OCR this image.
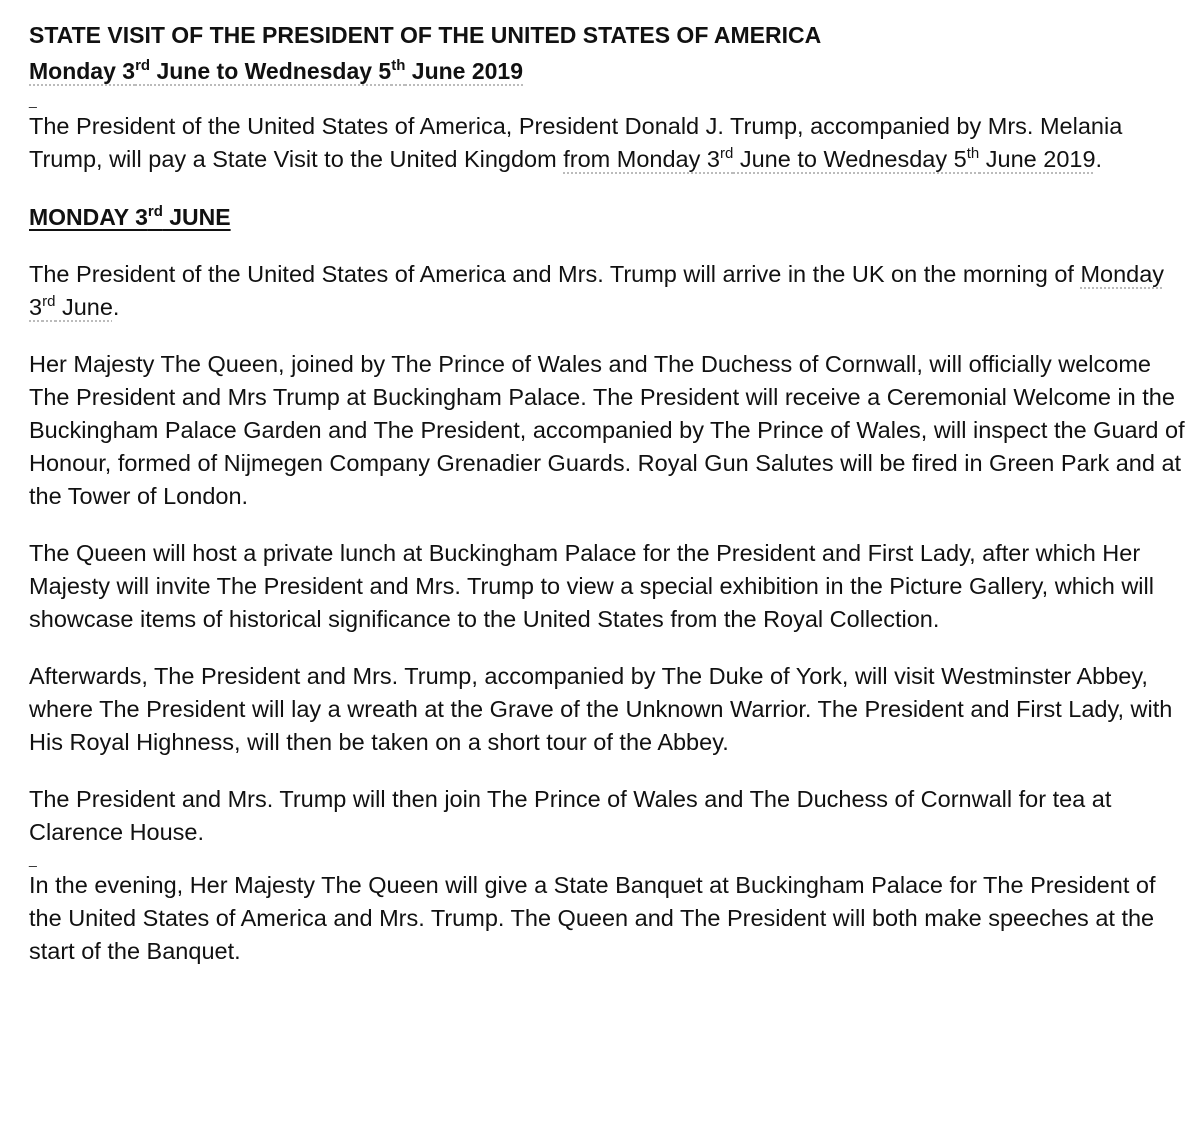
STATE VISIT OF THE PRESIDENT OF THE UNITED STATES OF AMERICA
Monday 3rd June to Wednesday 5th June 2019
_

The President of the United States of America, President Donald J. Trump, accompanied by Mrs. Melania Trump, will pay a State Visit to the United Kingdom from Monday 3rd June to Wednesday 5th June 2019.

MONDAY 3rd JUNE

The President of the United States of America and Mrs. Trump will arrive in the UK on the morning of Monday 3rd June.

Her Majesty The Queen, joined by The Prince of Wales and The Duchess of Cornwall, will officially welcome The President and Mrs Trump at Buckingham Palace. The President will receive a Ceremonial Welcome in the Buckingham Palace Garden and The President, accompanied by The Prince of Wales, will inspect the Guard of Honour, formed of Nijmegen Company Grenadier Guards. Royal Gun Salutes will be fired in Green Park and at the Tower of London.

The Queen will host a private lunch at Buckingham Palace for the President and First Lady, after which Her Majesty will invite The President and Mrs. Trump to view a special exhibition in the Picture Gallery, which will showcase items of historical significance to the United States from the Royal Collection.

Afterwards, The President and Mrs. Trump, accompanied by The Duke of York, will visit Westminster Abbey, where The President will lay a wreath at the Grave of the Unknown Warrior. The President and First Lady, with His Royal Highness, will then be taken on a short tour of the Abbey.

The President and Mrs. Trump will then join The Prince of Wales and The Duchess of Cornwall for tea at Clarence House.

_

In the evening, Her Majesty The Queen will give a State Banquet at Buckingham Palace for The President of the United States of America and Mrs. Trump. The Queen and The President will both make speeches at the start of the Banquet.
